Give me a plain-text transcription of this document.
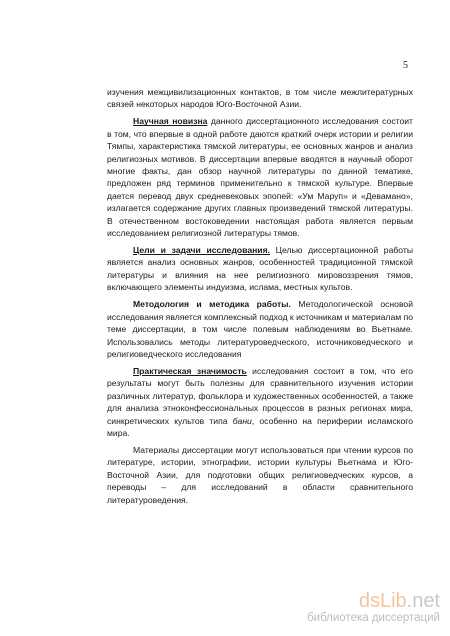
5

изучения межцивилизационных контактов, в том числе межлитературных связей некоторых народов Юго-Восточной Азии.

Научная новизна данного диссертационного исследования состоит в том, что впервые в одной работе даются краткий очерк истории и религии Тямпы, характеристика тямской литературы, ее основных жанров и анализ религиозных мотивов. В диссертации впервые вводятся в научный оборот многие факты, дан обзор научной литературы по данной тематике, предложен ряд терминов применительно к тямской культуре. Впервые дается перевод двух средневековых эпопей: «Ум Маруп» и «Деваманo», излагается содержание других главных произведений тямской литературы. В отечественном востоковедении настоящая работа является первым исследованием религиозной литературы тямов.

Цели и задачи исследования. Целью диссертационной работы является анализ основных жанров, особенностей традиционной тямской литературы и влияния на нее религиозного мировоззрения тямов, включающего элементы индуизма, ислама, местных культов.

Методология и методика работы. Методологической основой исследования является комплексный подход к источникам и материалам по теме диссертации, в том числе полевым наблюдениям во Вьетнаме. Использовались методы литературоведческого, источниковедческого и религиоведческого исследования

Практическая значимость исследования состоит в том, что его результаты могут быть полезны для сравнительного изучения истории различных литератур, фольклора и художественных особенностей, а также для анализа этноконфессиональных процессов в разных регионах мира, синкретических культов типа бани, особенно на периферии исламского мира.

Материалы диссертации могут использоваться при чтении курсов по литературе, истории, этнографии, истории культуры Вьетнама и Юго-Восточной Азии, для подготовки общих религиоведческих курсов, а переводы – для исследований в области сравнительного литературоведения.

dsLib .net
библиотека диссертаций
